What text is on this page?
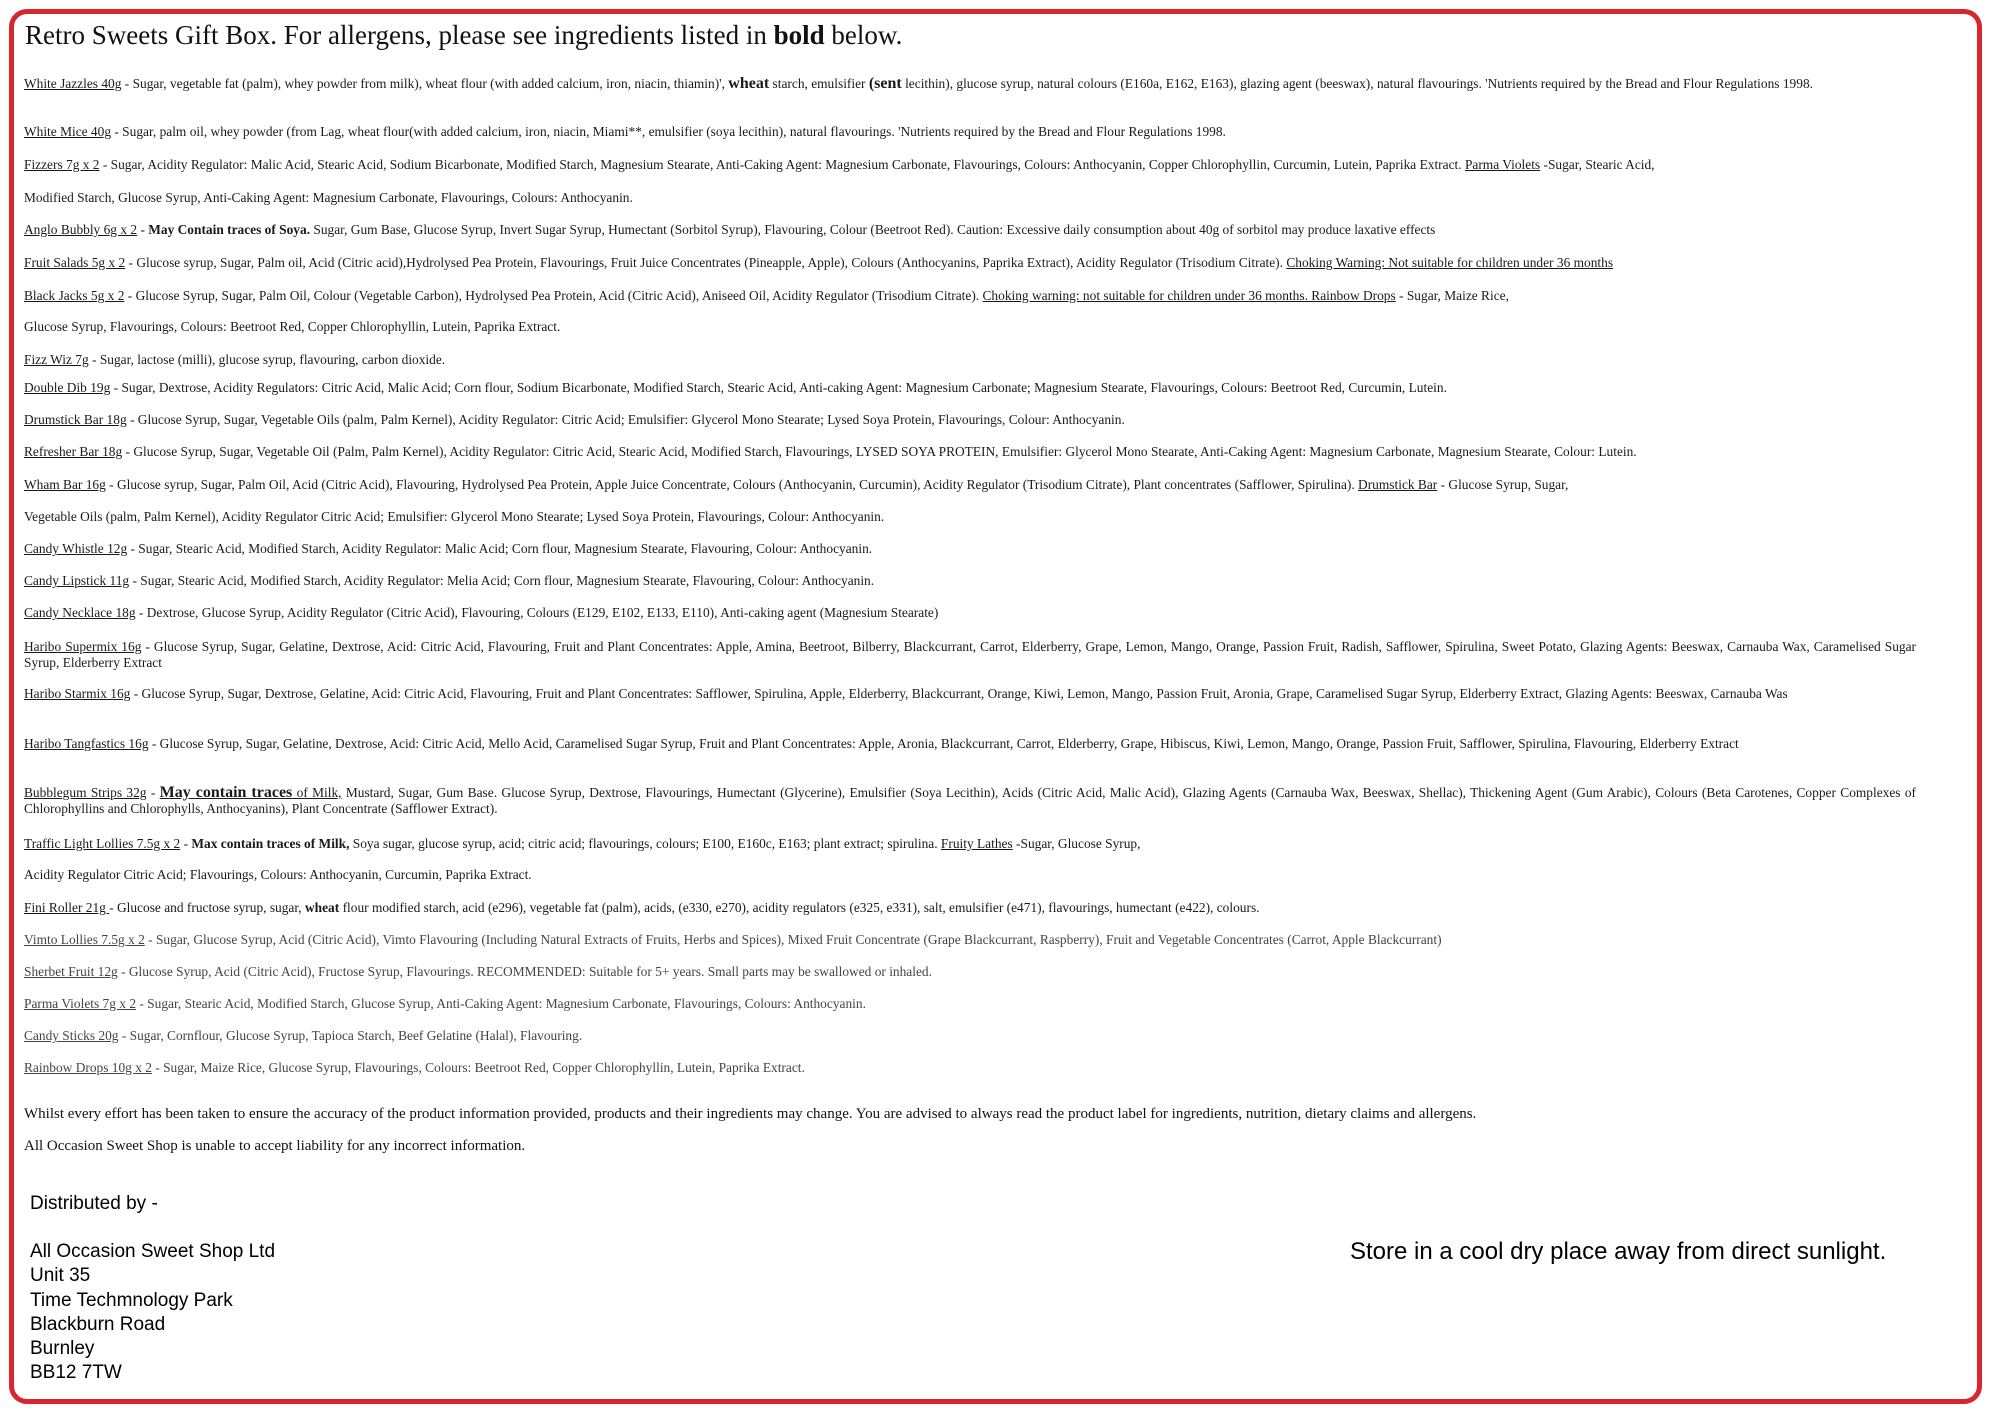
Retro Sweets Gift Box. For allergens, please see ingredients listed in bold below.
White Jazzles 40g - Sugar, vegetable fat (palm), whey powder from milk), wheat flour (with added calcium, iron, niacin, thiamin)', wheat starch, emulsifier (sent lecithin), glucose syrup, natural colours (E160a, E162, E163), glazing agent (beeswax), natural flavourings. 'Nutrients required by the Bread and Flour Regulations 1998.
White Mice 40g - Sugar, palm oil, whey powder (from Lag, wheat flour(with added calcium, iron, niacin, Miami**, emulsifier (soya lecithin), natural flavourings. 'Nutrients required by the Bread and Flour Regulations 1998.
Fizzers 7g x 2 - Sugar, Acidity Regulator: Malic Acid, Stearic Acid, Sodium Bicarbonate, Modified Starch, Magnesium Stearate, Anti-Caking Agent: Magnesium Carbonate, Flavourings, Colours: Anthocyanin, Copper Chlorophyllin, Curcumin, Lutein, Paprika Extract. Parma Violets -Sugar, Stearic Acid,
Modified Starch, Glucose Syrup, Anti-Caking Agent: Magnesium Carbonate, Flavourings, Colours: Anthocyanin.
Anglo Bubbly 6g x 2 - May Contain traces of Soya. Sugar, Gum Base, Glucose Syrup, Invert Sugar Syrup, Humectant (Sorbitol Syrup), Flavouring, Colour (Beetroot Red). Caution: Excessive daily consumption about 40g of sorbitol may produce laxative effects
Fruit Salads 5g x 2 - Glucose syrup, Sugar, Palm oil, Acid (Citric acid),Hydrolysed Pea Protein, Flavourings, Fruit Juice Concentrates (Pineapple, Apple), Colours (Anthocyanins, Paprika Extract), Acidity Regulator (Trisodium Citrate). Choking Warning: Not suitable for children under 36 months
Black Jacks 5g x 2 - Glucose Syrup, Sugar, Palm Oil, Colour (Vegetable Carbon), Hydrolysed Pea Protein, Acid (Citric Acid), Aniseed Oil, Acidity Regulator (Trisodium Citrate). Choking warning: not suitable for children under 36 months. Rainbow Drops - Sugar, Maize Rice,
Glucose Syrup, Flavourings, Colours: Beetroot Red, Copper Chlorophyllin, Lutein, Paprika Extract.
Fizz Wiz 7g - Sugar, lactose (milli), glucose syrup, flavouring, carbon dioxide.
Double Dib 19g - Sugar, Dextrose, Acidity Regulators: Citric Acid, Malic Acid; Corn flour, Sodium Bicarbonate, Modified Starch, Stearic Acid, Anti-caking Agent: Magnesium Carbonate; Magnesium Stearate, Flavourings, Colours: Beetroot Red, Curcumin, Lutein.
Drumstick Bar 18g - Glucose Syrup, Sugar, Vegetable Oils (palm, Palm Kernel), Acidity Regulator: Citric Acid; Emulsifier: Glycerol Mono Stearate; Lysed Soya Protein, Flavourings, Colour: Anthocyanin.
Refresher Bar 18g - Glucose Syrup, Sugar, Vegetable Oil (Palm, Palm Kernel), Acidity Regulator: Citric Acid, Stearic Acid, Modified Starch, Flavourings, LYSED SOYA PROTEIN, Emulsifier: Glycerol Mono Stearate, Anti-Caking Agent: Magnesium Carbonate, Magnesium Stearate, Colour: Lutein.
Wham Bar 16g - Glucose syrup, Sugar, Palm Oil, Acid (Citric Acid), Flavouring, Hydrolysed Pea Protein, Apple Juice Concentrate, Colours (Anthocyanin, Curcumin), Acidity Regulator (Trisodium Citrate), Plant concentrates (Safflower, Spirulina). Drumstick Bar - Glucose Syrup, Sugar,
Vegetable Oils (palm, Palm Kernel), Acidity Regulator Citric Acid; Emulsifier: Glycerol Mono Stearate; Lysed Soya Protein, Flavourings, Colour: Anthocyanin.
Candy Whistle 12g - Sugar, Stearic Acid, Modified Starch, Acidity Regulator: Malic Acid; Corn flour, Magnesium Stearate, Flavouring, Colour: Anthocyanin.
Candy Lipstick 11g - Sugar, Stearic Acid, Modified Starch, Acidity Regulator: Melia Acid; Corn flour, Magnesium Stearate, Flavouring, Colour: Anthocyanin.
Candy Necklace 18g - Dextrose, Glucose Syrup, Acidity Regulator (Citric Acid), Flavouring, Colours (E129, E102, E133, E110), Anti-caking agent (Magnesium Stearate)
Haribo Supermix 16g - Glucose Syrup, Sugar, Gelatine, Dextrose, Acid: Citric Acid, Flavouring, Fruit and Plant Concentrates: Apple, Amina, Beetroot, Bilberry, Blackcurrant, Carrot, Elderberry, Grape, Lemon, Mango, Orange, Passion Fruit, Radish, Safflower, Spirulina, Sweet Potato, Glazing Agents: Beeswax, Carnauba Wax, Caramelised Sugar Syrup, Elderberry Extract
Haribo Starmix 16g - Glucose Syrup, Sugar, Dextrose, Gelatine, Acid: Citric Acid, Flavouring, Fruit and Plant Concentrates: Safflower, Spirulina, Apple, Elderberry, Blackcurrant, Orange, Kiwi, Lemon, Mango, Passion Fruit, Aronia, Grape, Caramelised Sugar Syrup, Elderberry Extract, Glazing Agents: Beeswax, Carnauba Was
Haribo Tangfastics 16g - Glucose Syrup, Sugar, Gelatine, Dextrose, Acid: Citric Acid, Mello Acid, Caramelised Sugar Syrup, Fruit and Plant Concentrates: Apple, Aronia, Blackcurrant, Carrot, Elderberry, Grape, Hibiscus, Kiwi, Lemon, Mango, Orange, Passion Fruit, Safflower, Spirulina, Flavouring, Elderberry Extract
Bubblegum Strips 32g - May contain traces of Milk, Mustard, Sugar, Gum Base. Glucose Syrup, Dextrose, Flavourings, Humectant (Glycerine), Emulsifier (Soya Lecithin), Acids (Citric Acid, Malic Acid), Glazing Agents (Carnauba Wax, Beeswax, Shellac), Thickening Agent (Gum Arabic), Colours (Beta Carotenes, Copper Complexes of Chlorophyllins and Chlorophylls, Anthocyanins), Plant Concentrate (Safflower Extract).
Traffic Light Lollies 7.5g x 2 - Max contain traces of Milk, Soya sugar, glucose syrup, acid; citric acid; flavourings, colours; E100, E160c, E163; plant extract; spirulina. Fruity Lathes -Sugar, Glucose Syrup,
Acidity Regulator Citric Acid; Flavourings, Colours: Anthocyanin, Curcumin, Paprika Extract.
Fini Roller 21g - Glucose and fructose syrup, sugar, wheat flour modified starch, acid (e296), vegetable fat (palm), acids, (e330, e270), acidity regulators (e325, e331), salt, emulsifier (e471), flavourings, humectant (e422), colours.
Vimto Lollies 7.5g x 2 - Sugar, Glucose Syrup, Acid (Citric Acid), Vimto Flavouring (Including Natural Extracts of Fruits, Herbs and Spices), Mixed Fruit Concentrate (Grape Blackcurrant, Raspberry), Fruit and Vegetable Concentrates (Carrot, Apple Blackcurrant)
Sherbet Fruit 12g - Glucose Syrup, Acid (Citric Acid), Fructose Syrup, Flavourings. RECOMMENDED: Suitable for 5+ years. Small parts may be swallowed or inhaled.
Parma Violets 7g x 2 - Sugar, Stearic Acid, Modified Starch, Glucose Syrup, Anti-Caking Agent: Magnesium Carbonate, Flavourings, Colours: Anthocyanin.
Candy Sticks 20g - Sugar, Cornflour, Glucose Syrup, Tapioca Starch, Beef Gelatine (Halal), Flavouring.
Rainbow Drops 10g x 2 - Sugar, Maize Rice, Glucose Syrup, Flavourings, Colours: Beetroot Red, Copper Chlorophyllin, Lutein, Paprika Extract.
Whilst every effort has been taken to ensure the accuracy of the product information provided, products and their ingredients may change. You are advised to always read the product label for ingredients, nutrition, dietary claims and allergens.
All Occasion Sweet Shop is unable to accept liability for any incorrect information.
Distributed by -
All Occasion Sweet Shop Ltd
Unit 35
Time Techmnology Park
Blackburn Road
Burnley
BB12 7TW
Store in a cool dry place away from direct sunlight.
